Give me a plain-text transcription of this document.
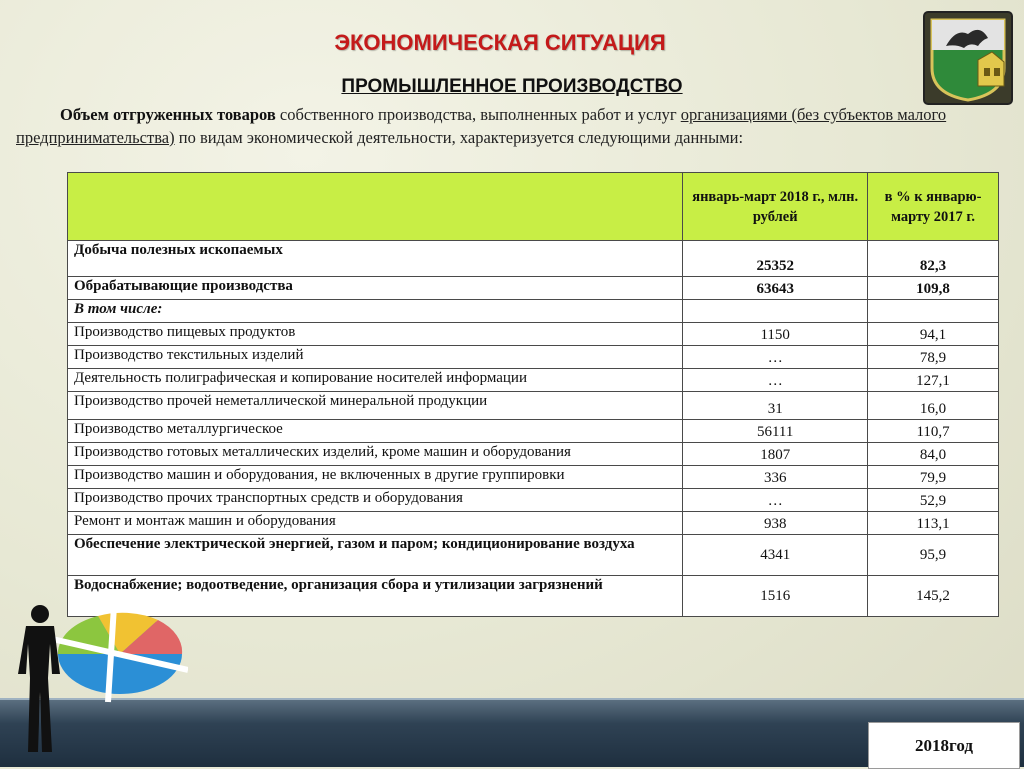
ЭКОНОМИЧЕСКАЯ СИТУАЦИЯ
ПРОМЫШЛЕННОЕ ПРОИЗВОДСТВО
Объем отгруженных товаров собственного производства, выполненных работ и услуг организациями (без субъектов малого предпринимательства) по видам экономической деятельности, характеризуется следующими данными:
	январь-март 2018 г., млн. рублей	в % к январю-марту 2017 г.
Добыча полезных ископаемых	25352	82,3
Обрабатывающие производства	63643	109,8
В том числе:		
Производство пищевых продуктов	1150	94,1
Производство текстильных изделий	…	78,9
Деятельность полиграфическая и копирование носителей информации	…	127,1
Производство прочей неметаллической минеральной продукции	31	16,0
Производство металлургическое	56111	110,7
Производство готовых металлических изделий, кроме машин и оборудования	1807	84,0
Производство машин и оборудования, не включенных в другие группировки	336	79,9
Производство прочих транспортных средств и оборудования	…	52,9
Ремонт и монтаж машин и оборудования	938	113,1
Обеспечение электрической энергией, газом и паром; кондиционирование воздуха	4341	95,9
Водоснабжение; водоотведение, организация сбора и утилизации загрязнений	1516	145,2
2018год
